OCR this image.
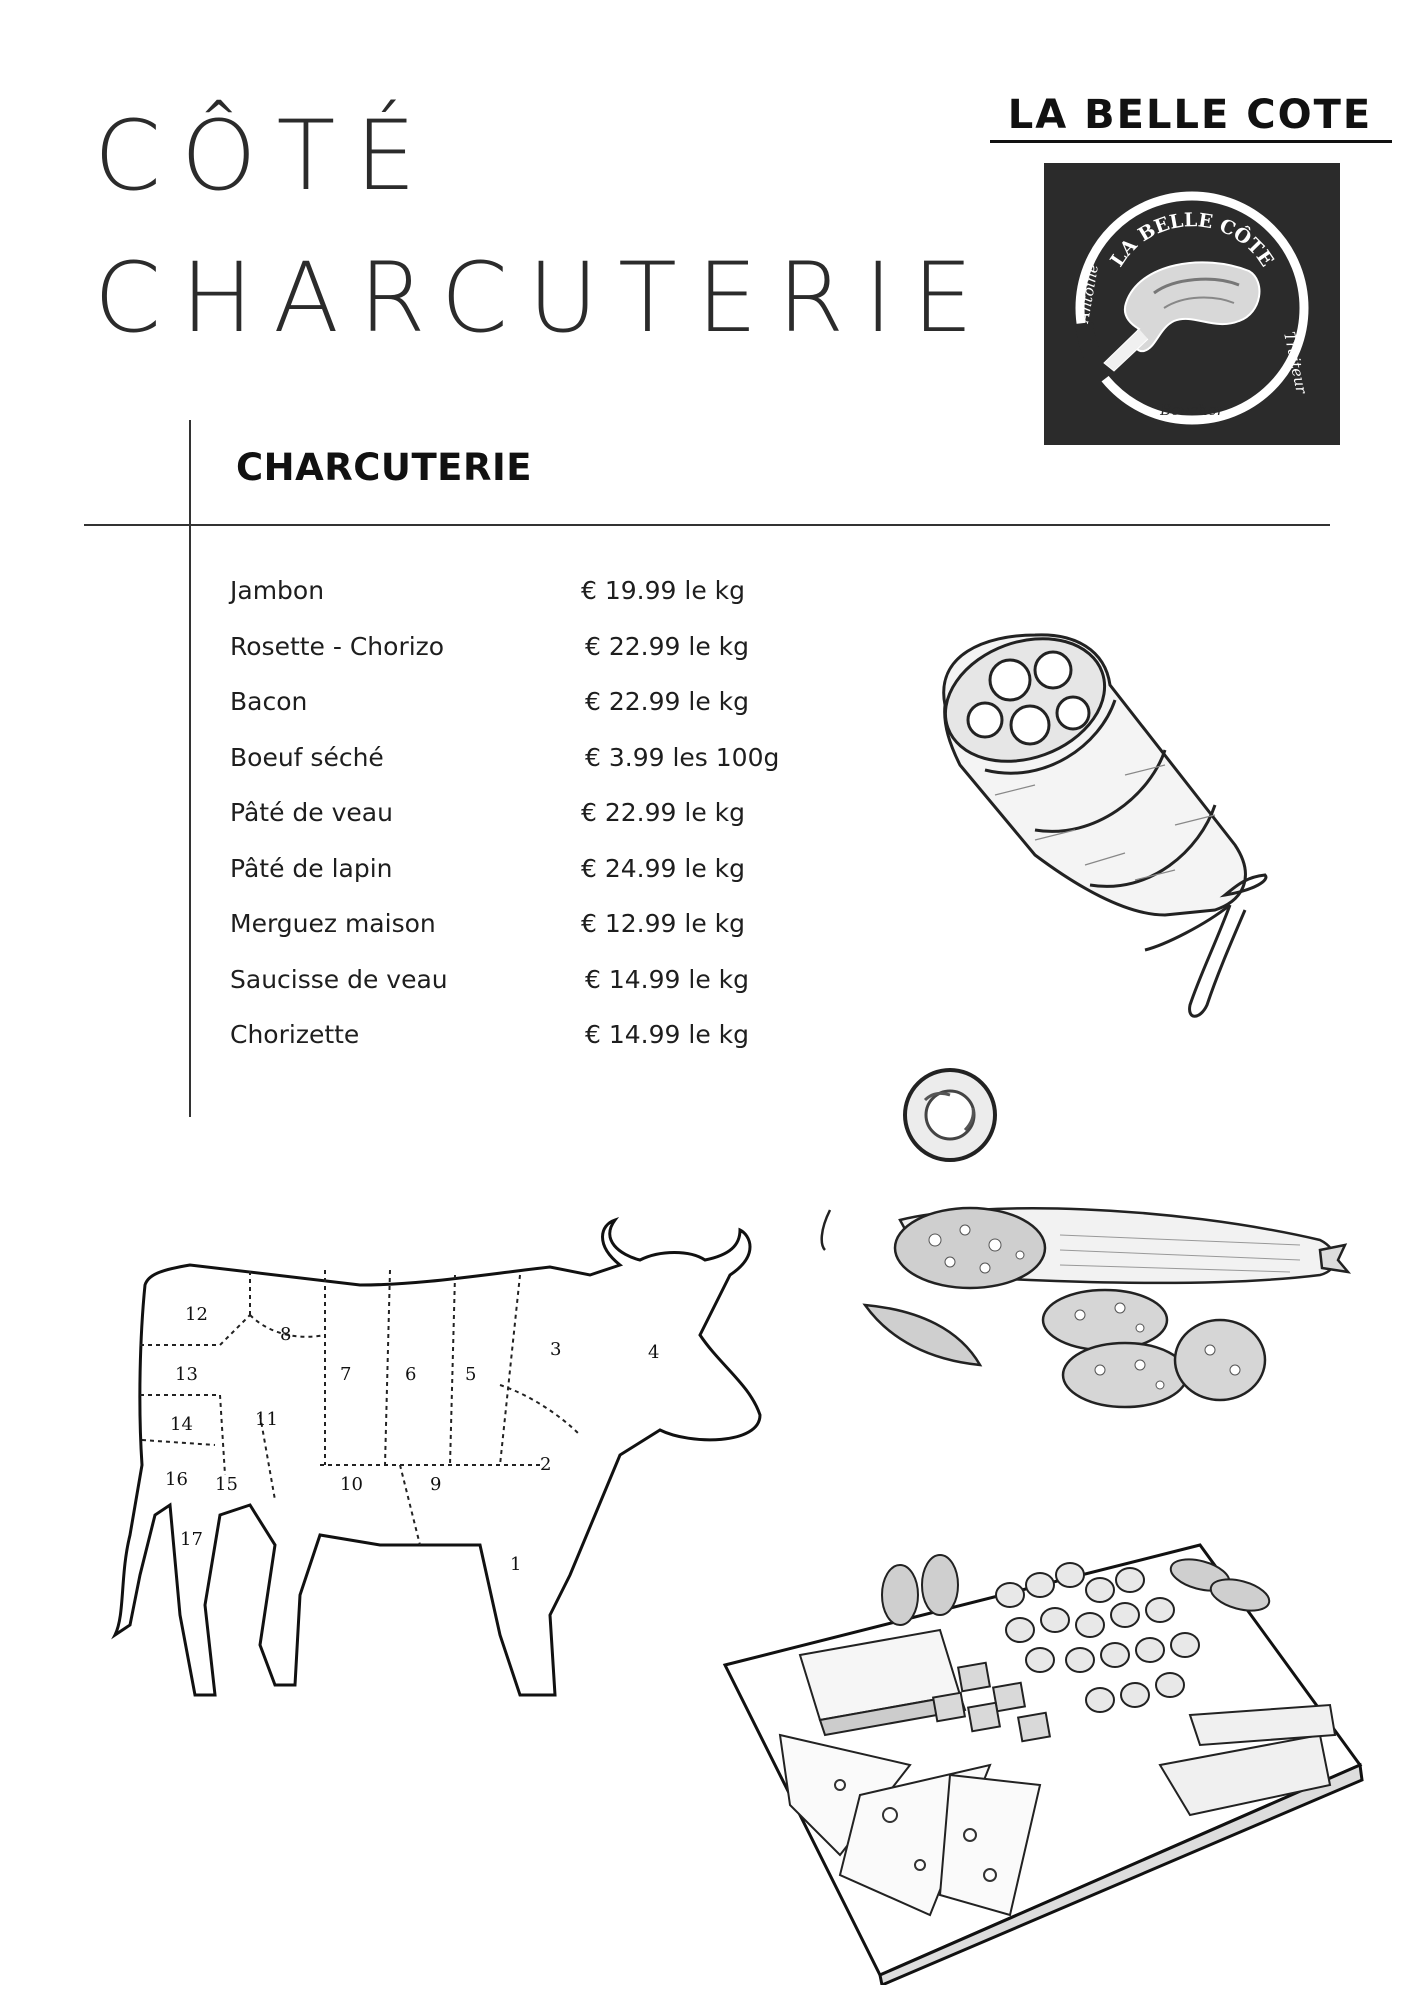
CÔTÉ
CHARCUTERIE
LA BELLE COTE
LA BELLE CÔTE
Antoine
Traiteur
Boucher
CHARCUTERIE
Jambon	€ 19.99 le kg
Rosette - Chorizo	€ 22.99 le kg
Bacon	€ 22.99 le kg
Boeuf séché	€ 3.99 les 100g
Pâté de veau	€ 22.99 le kg
Pâté de lapin	€ 24.99 le kg
Merguez maison	€ 12.99 le kg
Saucisse de veau	€ 14.99 le kg
Chorizette	€ 14.99 le kg
12
8
7	6	5
3	4
13
14	11
16 15	10	9
2
17
1
